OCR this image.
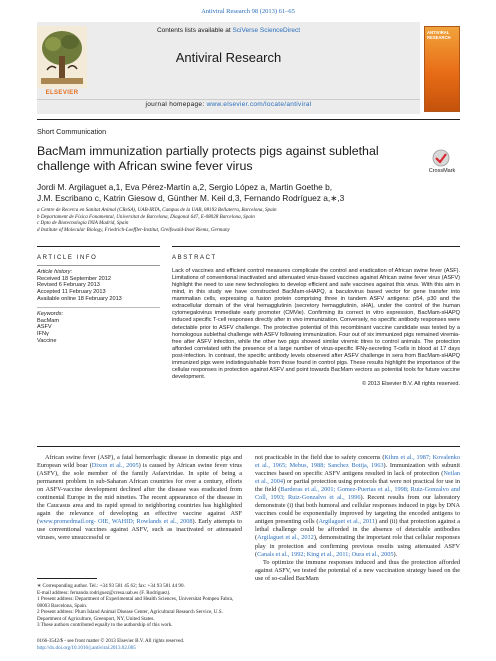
Antiviral Research 98 (2013) 61–65
Contents lists available at SciVerse ScienceDirect
Antiviral Research
journal homepage: www.elsevier.com/locate/antiviral
ELSEVIER
ANTIVIRAL RESEARCH
Short Communication
BacMam immunization partially protects pigs against sublethal
challenge with African swine fever virus	CrossMark
Jordi M. Argilaguet a,1, Eva Pérez-Martín a,2, Sergio López a, Martin Goethe b,
J.M. Escribano c, Katrin Giesow d, Günther M. Keil d,3, Fernando Rodríguez a,∗,3
a Centre de Recerca en Sanitat Animal (CReSA), UAB-IRTA, Campus de la UAB, 08193 Bellaterra, Barcelona, Spain
b Departament de Física Fonamental, Universitat de Barcelona, Diagonal 647, E-08028 Barcelona, Spain
c Dpto de Biotecnología INIA Madrid, Spain
d Institute of Molecular Biology, Friedrich-Loeffler-Institut, Greifswald-Insel Riems, Germany
ARTICLE INFO
Article history:
Received 18 September 2012
Revised 6 February 2013
Accepted 11 February 2013
Available online 18 February 2013
Keywords:
BacMam
ASFV
IFNγ
Vaccine
ABSTRACT
Lack of vaccines and efficient control measures complicate the control and eradication of African swine fever (ASF). Limitations of conventional inactivated and attenuated virus-based vaccines against African swine fever virus (ASFV) highlight the need to use new technologies to develop efficient and safe vaccines against this virus. With this aim in mind, in this study we have constructed BacMam-sHAPQ, a baculovirus based vector for gene transfer into mammalian cells, expressing a fusion protein comprising three in tandem ASFV antigens: p54, p30 and the extracellular domain of the viral hemagglutinin (secretory hemagglutinin, sHA), under the control of the human cytomegalovirus immediate early promoter (CMVie). Confirming its correct in vitro expression, BacMam-sHAPQ induced specific T-cell responses directly after in vivo immunization. Conversely, no specific antibody responses were detectable prior to ASFV challenge. The protective potential of this recombinant vaccine candidate was tested by a homologous sublethal challenge with ASFV following immunization. Four out of six immunized pigs remained viremia-free after ASFV infection, while the other two pigs showed similar viremic titres to control animals. The protection afforded correlated with the presence of a large number of virus-specific IFNγ-secreting T-cells in blood at 17 days post-infection. In contrast, the specific antibody levels observed after ASFV challenge in sera from BacMam-sHAPQ immunized pigs were indistinguishable from those found in control pigs. These results highlight the importance of the cellular responses in protection against ASFV and point towards BacMam vectors as potential tools for future vaccine development.
© 2013 Elsevier B.V. All rights reserved.
African swine fever (ASF), a fatal hemorrhagic disease in domestic pigs and European wild boar (Dixon et al., 2005) is caused by African swine fever virus (ASFV), the sole member of the family Asfarviridae. In spite of being a permanent problem in sub-Saharan African countries for over a century, efforts on ASFV-vaccine development declined after the disease was eradicated from continental Europe in the mid nineties. The recent appearance of the disease in the Caucasus area and its rapid spread to neighboring countries has highlighted again the relevance of developing an effective vaccine against ASF (www.promedmail.org- OIE, WAHID; Rowlands et al., 2008). Early attempts to use conventional vaccines against ASFV, such as inactivated or attenuated viruses, were unsuccessful or
not practicable in the field due to safety concerns (Kihm et al., 1987; Kovalenko et al., 1965; Mebus, 1988; Sanchez Botija, 1963). Immunization with subunit vaccines based on specific ASFV antigens resulted in lack of protection (Neilan et al., 2004) or partial protection using protocols that were not practical for use in the field (Barderas et al., 2001; Gomez-Puertas et al., 1998; Ruiz-Gonzalvo and Coll, 1993; Ruiz-Gonzalvo et al., 1996). Recent results from our laboratory demonstrate (i) that both humoral and cellular responses induced in pigs by DNA vaccines could be exponentially improved by targeting the encoded antigens to antigen presenting cells (Argilaguet et al., 2011) and (ii) that protection against a lethal challenge could be afforded in the absence of detectable antibodies (Argilaguet et al., 2012), demonstrating the important role that cellular responses play in protection and confirming previous results using attenuated ASFV (Canals et al., 1992; King et al., 2011; Oura et al., 2005).
To optimize the immune responses induced and thus the protection afforded against ASFV, we tested the potential of a new vaccination strategy based on the use of so-called BacMam
∗ Corresponding author. Tel.: +34 93 581 45 62; fax: +34 93 581 44 90.
E-mail address: fernando.rodriguez@cresa.uab.es (F. Rodríguez).
1 Present address: Department of Experimental and Health Sciences, Universitat Pompeu Fabra, 08003 Barcelona, Spain.
2 Present address: Plum Island Animal Disease Center, Agricultural Research Service, U.S. Department of Agriculture, Greenport, NY, United States.
3 These authors contributed equally to the authorship of this work.
0166-3542/$ - see front matter © 2013 Elsevier B.V. All rights reserved.
http://dx.doi.org/10.1016/j.antiviral.2013.02.005
